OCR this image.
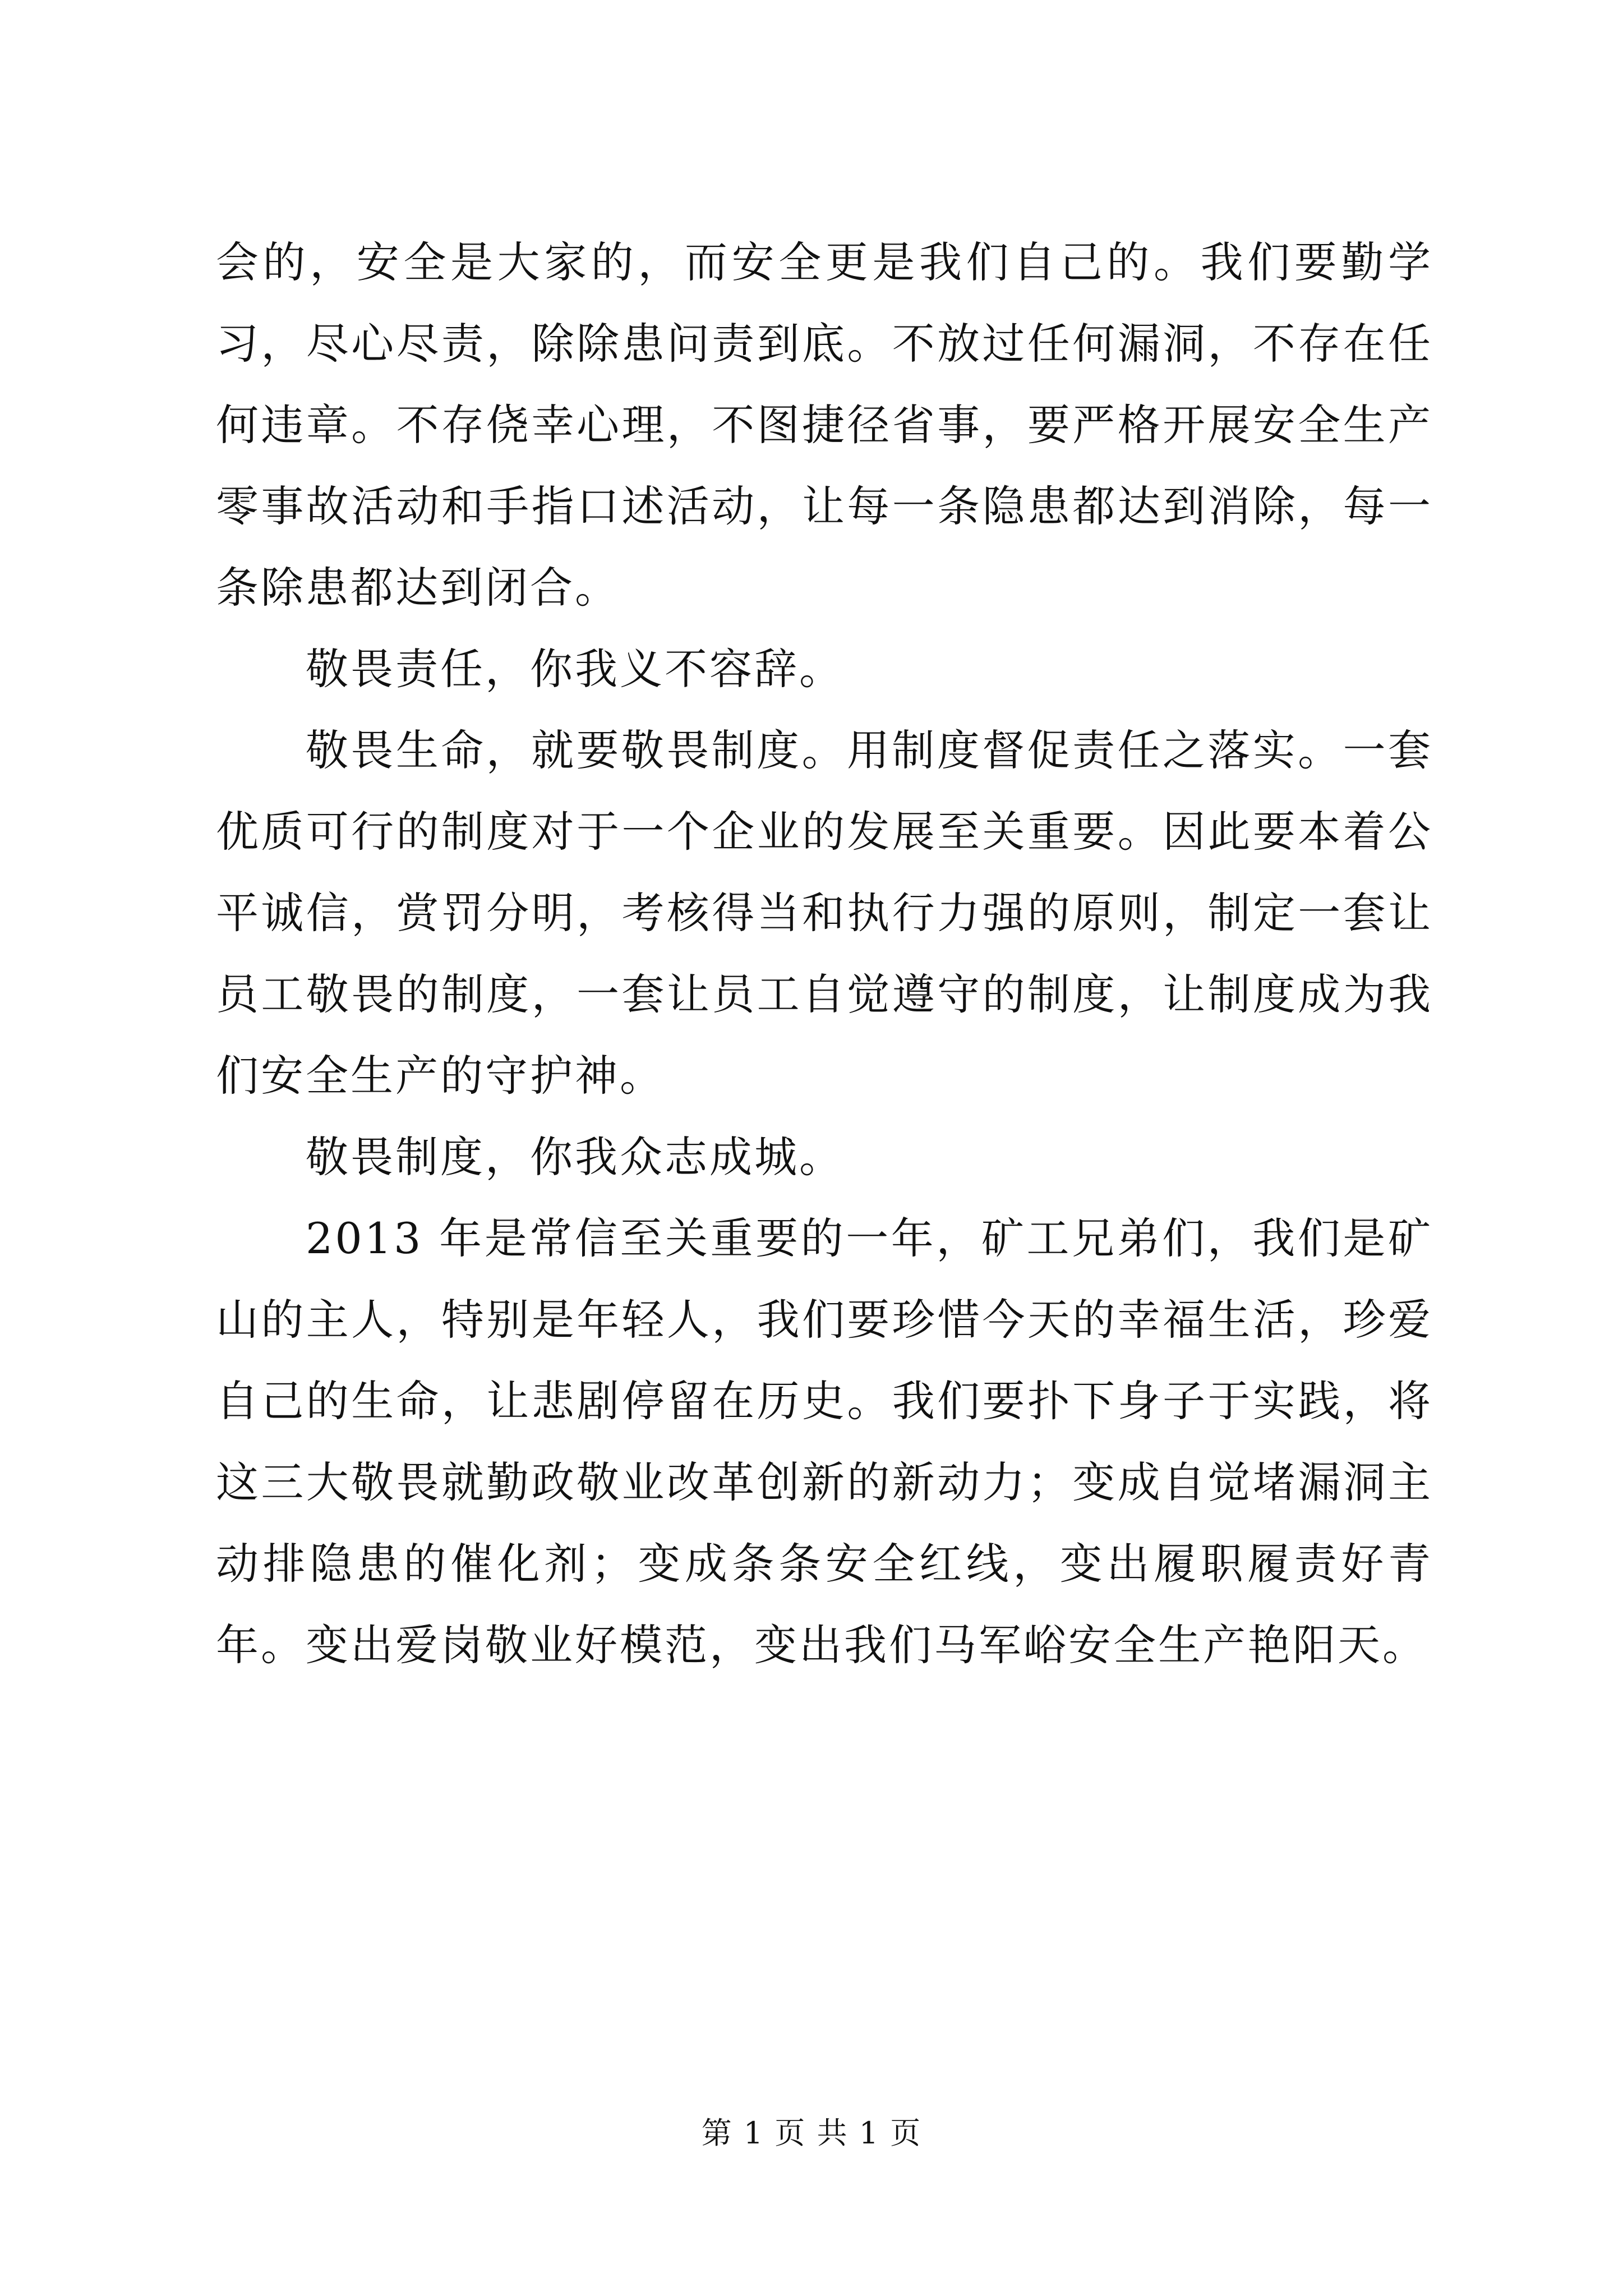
会的，安全是大家的，而安全更是我们自己的。我们要勤学习，尽心尽责，除除患问责到底。不放过任何漏洞，不存在任何违章。不存侥幸心理，不图捷径省事，要严格开展安全生产零事故活动和手指口述活动，让每一条隐患都达到消除，每一条除患都达到闭合。

敬畏责任，你我义不容辞。

敬畏生命，就要敬畏制度。用制度督促责任之落实。一套优质可行的制度对于一个企业的发展至关重要。因此要本着公平诚信，赏罚分明，考核得当和执行力强的原则，制定一套让员工敬畏的制度，一套让员工自觉遵守的制度，让制度成为我们安全生产的守护神。

敬畏制度，你我众志成城。

2013 年是常信至关重要的一年，矿工兄弟们，我们是矿山的主人，特别是年轻人，我们要珍惜今天的幸福生活，珍爱自己的生命，让悲剧停留在历史。我们要扑下身子于实践，将这三大敬畏就勤政敬业改革创新的新动力；变成自觉堵漏洞主动排隐患的催化剂；变成条条安全红线，变出履职履责好青年。变出爱岗敬业好模范，变出我们马军峪安全生产艳阳天。

第 1 页 共 1 页
